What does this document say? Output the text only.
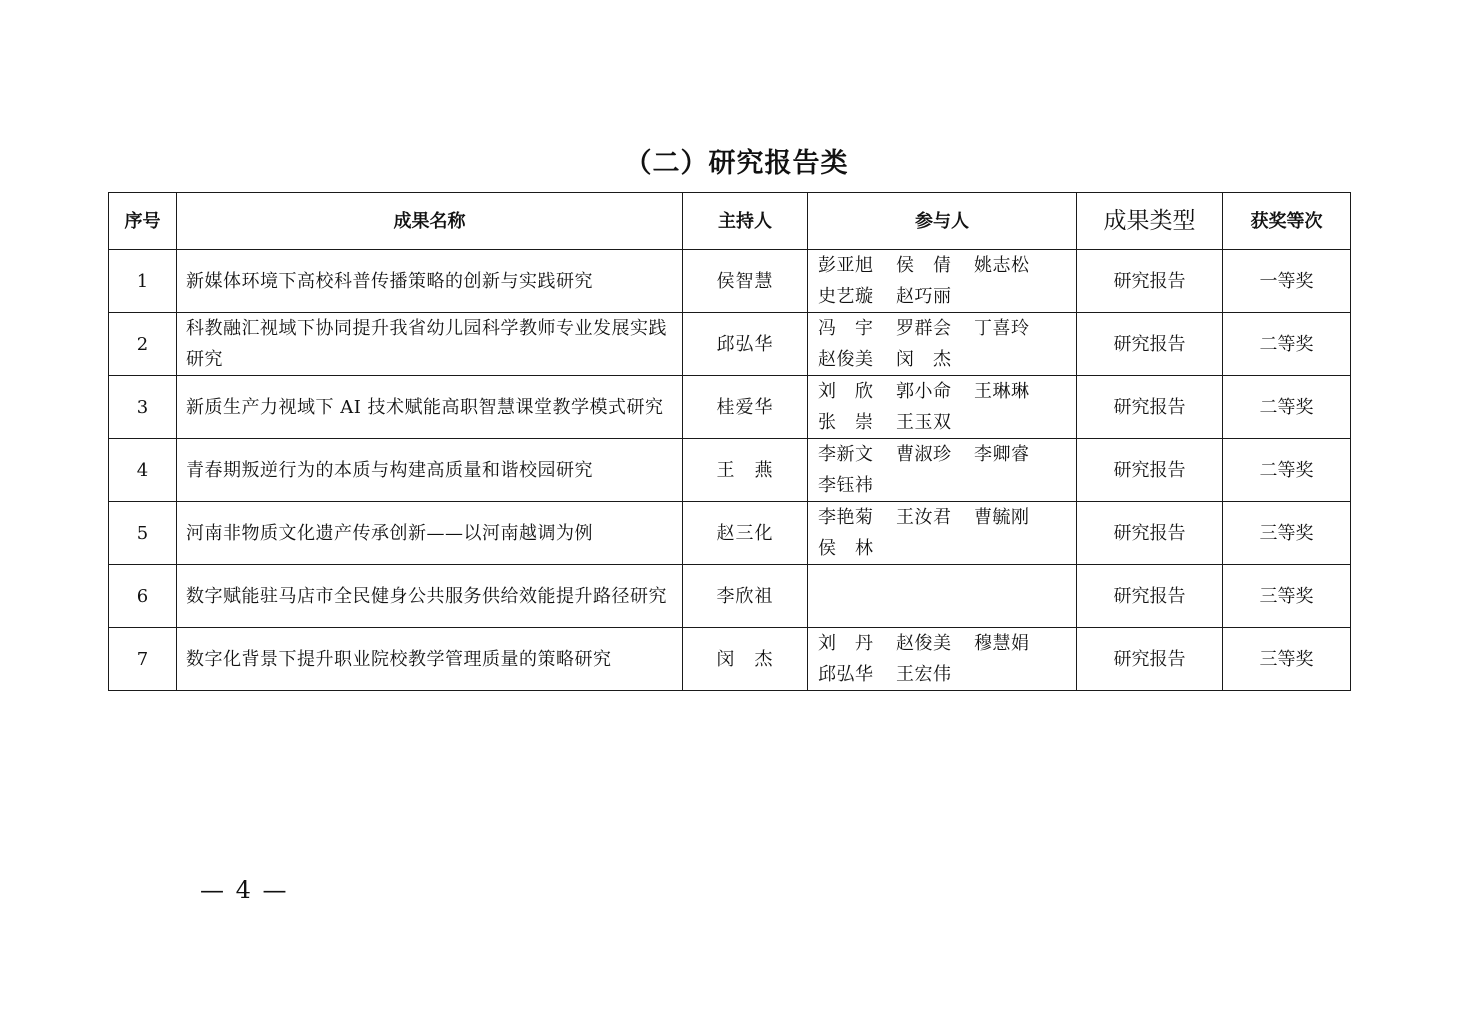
（二）研究报告类
序号	成果名称	主持人	参与人	成果类型	获奖等次
1	新媒体环境下高校科普传播策略的创新与实践研究	侯智慧	彭亚旭 侯　倩 姚志松
史艺璇 赵巧丽	研究报告	一等奖
2	科教融汇视域下协同提升我省幼儿园科学教师专业发展实践研究	邱弘华	冯　宇 罗群会 丁喜玲
赵俊美 闵　杰	研究报告	二等奖
3	新质生产力视域下 AI 技术赋能高职智慧课堂教学模式研究	桂爱华	刘　欣 郭小命 王琳琳
张　崇 王玉双	研究报告	二等奖
4	青春期叛逆行为的本质与构建高质量和谐校园研究	王　燕	李新文 曹淑珍 李卿睿
李钰祎	研究报告	二等奖
5	河南非物质文化遗产传承创新——以河南越调为例	赵三化	李艳菊 王汝君 曹毓刚
侯　林	研究报告	三等奖
6	数字赋能驻马店市全民健身公共服务供给效能提升路径研究	李欣祖		研究报告	三等奖
7	数字化背景下提升职业院校教学管理质量的策略研究	闵　杰	刘　丹 赵俊美 穆慧娟
邱弘华 王宏伟	研究报告	三等奖
— 4 —
